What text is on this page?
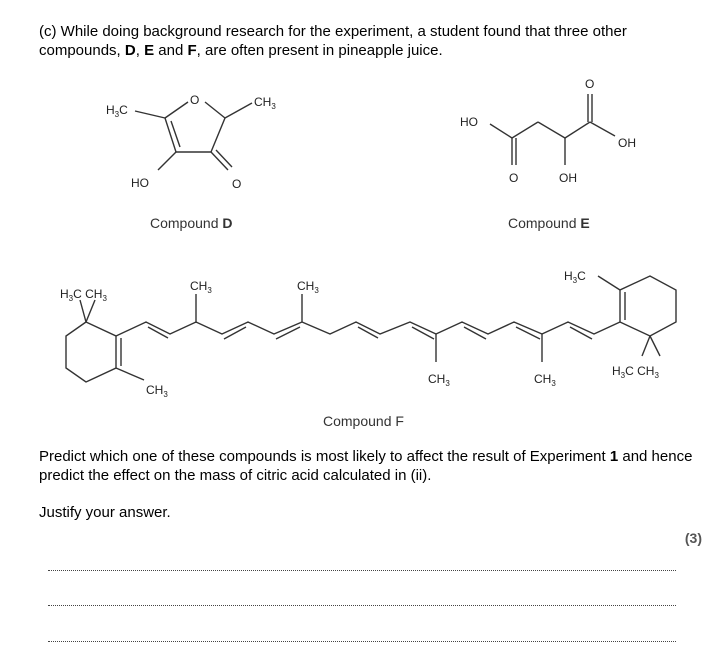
(c) While doing background research for the experiment, a student found that three other
compounds, D, E and F, are often present in pineapple juice.
$H_3C$
O	$CH_3$
HO	O
HO
O
OH
O	OH
$H_3C$ $CH_3$
$CH_3$
$CH_3$	$CH_3$
$CH_3$	$CH_3$
$H_3C$
$H_3C$ $CH_3$
Compound D	Compound E
Compound F
Predict which one of these compounds is most likely to affect the result of Experiment 1 and hence predict the effect on the mass of citric acid calculated in (ii).
Justify your answer.
(3)
